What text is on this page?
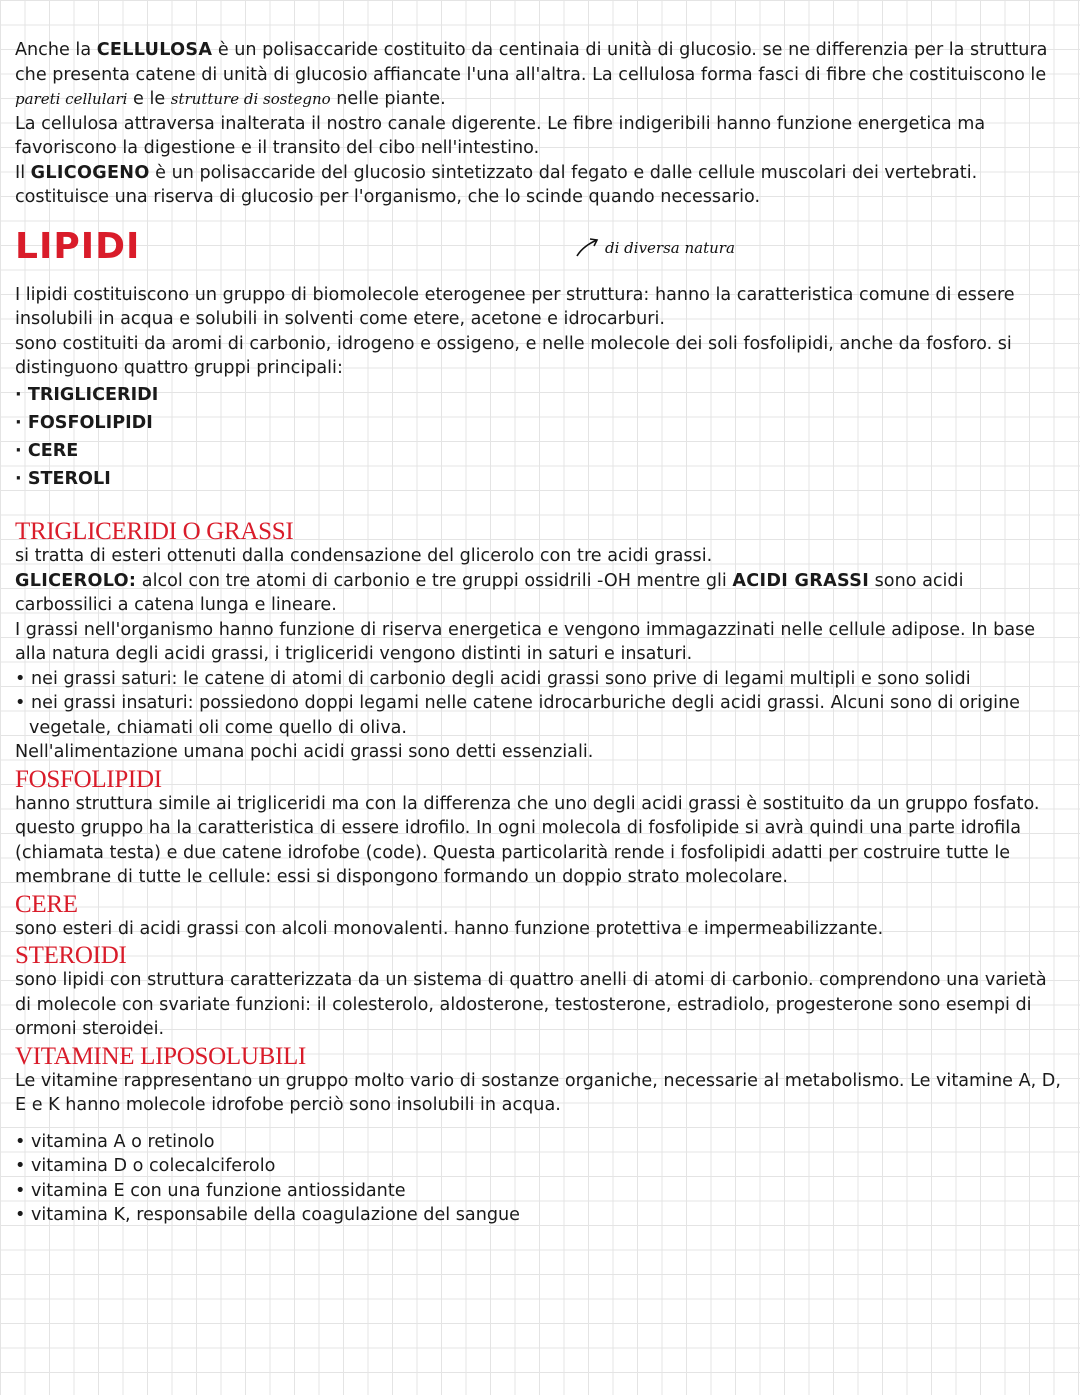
Anche la CELLULOSA è un polisaccaride costituito da centinaia di unità di glucosio. se ne differenzia per la struttura che presenta catene di unità di glucosio affiancate l'una all'altra. La cellulosa forma fasci di fibre che costituiscono le pareti cellulari e le strutture di sostegno nelle piante.

La cellulosa attraversa inalterata il nostro canale digerente. Le fibre indigeribili hanno funzione energetica ma favoriscono la digestione e il transito del cibo nell'intestino.

Il GLICOGENO è un polisaccaride del glucosio sintetizzato dal fegato e dalle cellule muscolari dei vertebrati. costituisce una riserva di glucosio per l'organismo, che lo scinde quando necessario.

LIPIDI	di diversa natura

I lipidi costituiscono un gruppo di biomolecole eterogenee per struttura: hanno la caratteristica comune di essere insolubili in acqua e solubili in solventi come etere, acetone e idrocarburi.

sono costituiti da aromi di carbonio, idrogeno e ossigeno, e nelle molecole dei soli fosfolipidi, anche da fosforo. si distinguono quattro gruppi principali:

· TRIGLICERIDI
· FOSFOLIPIDI
· CERE
· STEROLI
TRIGLICERIDI O GRASSI

si tratta di esteri ottenuti dalla condensazione del glicerolo con tre acidi grassi.

GLICEROLO: alcol con tre atomi di carbonio e tre gruppi ossidrili -OH mentre gli ACIDI GRASSI sono acidi carbossilici a catena lunga e lineare.

I grassi nell'organismo hanno funzione di riserva energetica e vengono immagazzinati nelle cellule adipose. In base alla natura degli acidi grassi, i trigliceridi vengono distinti in saturi e insaturi.

• nei grassi saturi: le catene di atomi di carbonio degli acidi grassi sono prive di legami multipli e sono solidi
• nei grassi insaturi: possiedono doppi legami nelle catene idrocarburiche degli acidi grassi. Alcuni sono di origine vegetale, chiamati oli come quello di oliva.

Nell'alimentazione umana pochi acidi grassi sono detti essenziali.

FOSFOLIPIDI

hanno struttura simile ai trigliceridi ma con la differenza che uno degli acidi grassi è sostituito da un gruppo fosfato. questo gruppo ha la caratteristica di essere idrofilo. In ogni molecola di fosfolipide si avrà quindi una parte idrofila (chiamata testa) e due catene idrofobe (code). Questa particolarità rende i fosfolipidi adatti per costruire tutte le membrane di tutte le cellule: essi si dispongono formando un doppio strato molecolare.

CERE

sono esteri di acidi grassi con alcoli monovalenti. hanno funzione protettiva e impermeabilizzante.

STEROIDI

sono lipidi con struttura caratterizzata da un sistema di quattro anelli di atomi di carbonio. comprendono una varietà di molecole con svariate funzioni: il colesterolo, aldosterone, testosterone, estradiolo, progesterone sono esempi di ormoni steroidei.

VITAMINE LIPOSOLUBILI

Le vitamine rappresentano un gruppo molto vario di sostanze organiche, necessarie al metabolismo. Le vitamine A, D, E e K hanno molecole idrofobe perciò sono insolubili in acqua.

• vitamina A o retinolo
• vitamina D o colecalciferolo
• vitamina E con una funzione antiossidante
• vitamina K, responsabile della coagulazione del sangue
